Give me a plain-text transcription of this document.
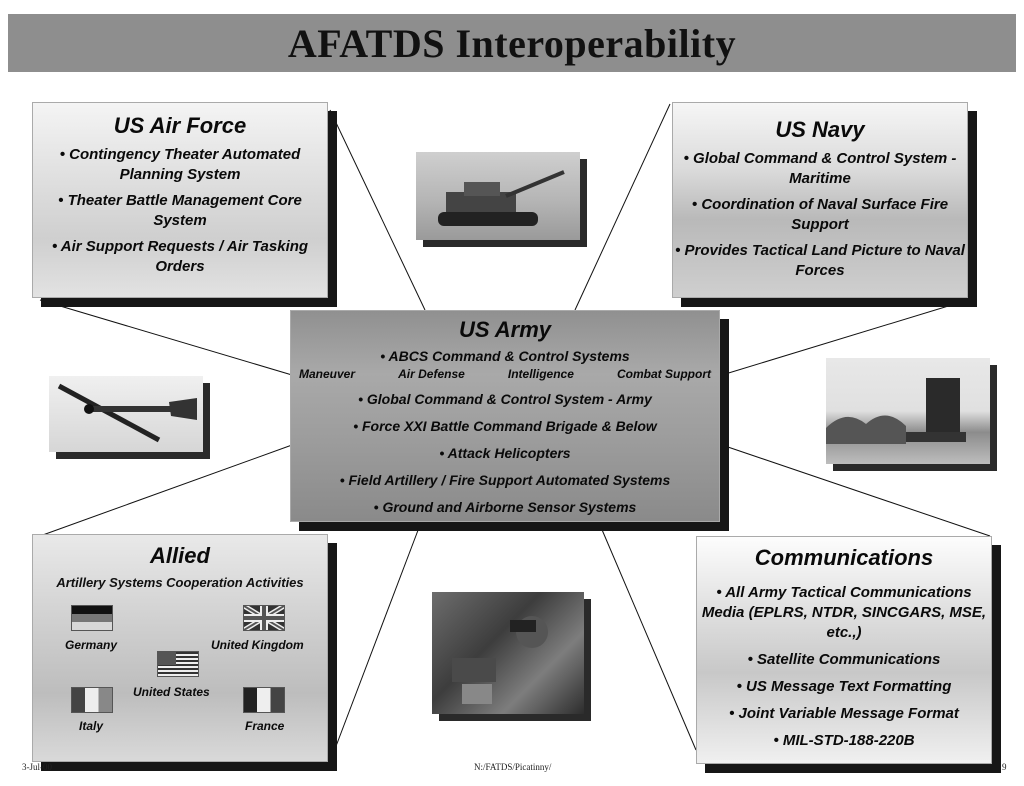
AFATDS Interoperability
US Air Force
• Contingency Theater Automated Planning System
• Theater Battle Management Core System
• Air Support Requests / Air Tasking Orders
US Navy
• Global Command & Control System - Maritime
• Coordination of Naval Surface Fire Support
• Provides Tactical Land Picture to Naval Forces
US Army
• ABCS Command & Control Systems
Maneuver	Air Defense	Intelligence	Combat Support
• Global Command & Control System - Army
• Force XXI Battle Command Brigade & Below
• Attack Helicopters
• Field Artillery / Fire Support Automated Systems
• Ground and Airborne Sensor Systems
Allied
Artillery Systems Cooperation Activities
Germany	United Kingdom
United States
Italy	France
Communications
• All Army Tactical Communications Media (EPLRS, NTDR, SINCGARS, MSE, etc.,)
• Satellite Communications
• US Message Text Formatting
• Joint Variable Message Format
• MIL-STD-188-220B
3-Jul-00	N:/FATDS/Picatinny/	9
